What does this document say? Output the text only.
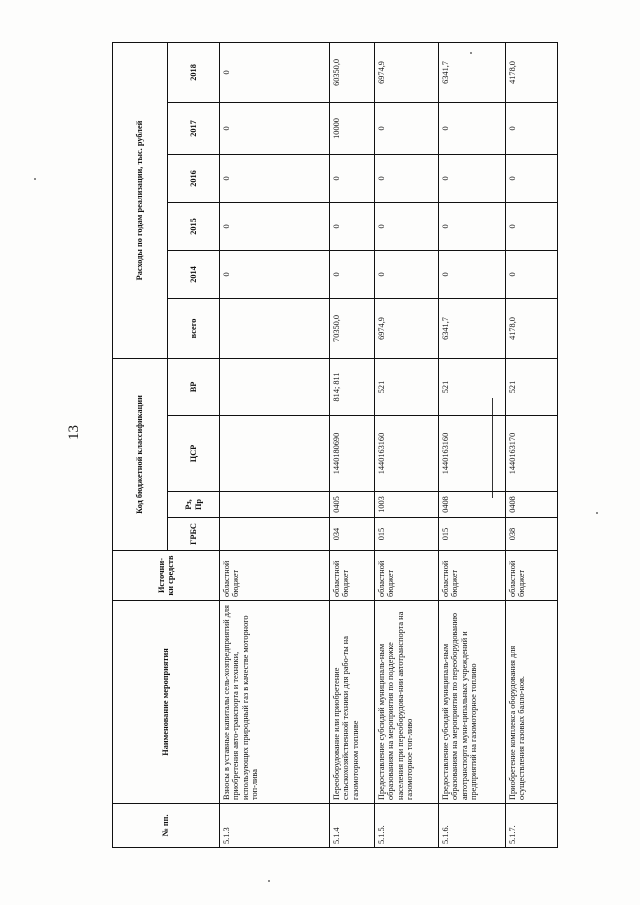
13
№ пп.	Наименование мероприятия	Источни-ки средств	Код бюджетной классификации				Расходы по годам реализации, тыс. рублей					
			ГРБС	Рз, Пр	ЦСР	ВР	всего	2014	2015	2016	2017	2018
5.1.3	Взносы в уставные капиталы сель-хозпредприятий для приобретения авто-транспорта и техники, использующих природный газ в качестве моторного топ-лива	областной бюджет						0	0	0	0	0
5.1.4	Переоборудование или приобретение сельскохозяйственной техники для рабо-ты на газомоторном топливе	областной бюджет	034	0405	1440180690	814; 811	70350,0	0	0	0	10000	60350,0
5.1.5.	Предоставление субсидий муниципаль-ным образованиям на мероприятия по поддержке населения при переоборудова-нии автотранспорта на газомоторное топ-ливо	областной бюджет	015	1003	1440163160	521	6974,9	0	0	0	0	6974,9
5.1.6.	Предоставление субсидий муниципаль-ным образованиям на мероприятия по переоборудованию автотранспорта муни-ципальных учреждений и предприятий на газомоторное топливо	областной бюджет	015	0408	1440163160	521	6341,7	0	0	0	0	6341,7
5.1.7.	Приобретение комплекса оборудования для осуществления газовых балло-нов.	областной бюджет	038	0408	1440163170	521	4178,0	0	0	0	0	4178,0
